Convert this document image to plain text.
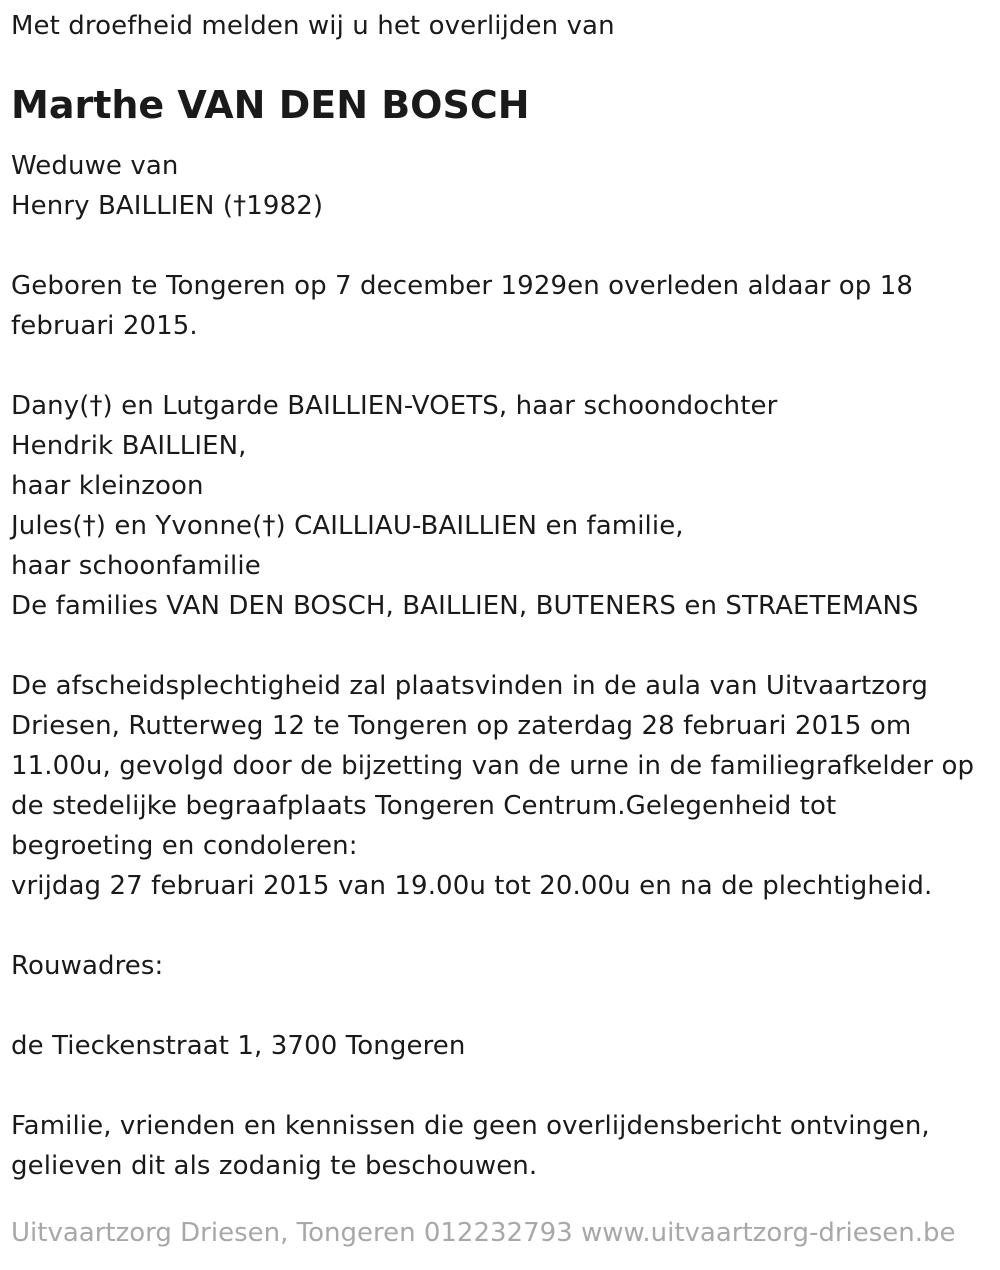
Met droefheid melden wij u het overlijden van
Marthe VAN DEN BOSCH
Weduwe van
Henry BAILLIEN (†1982)
Geboren te Tongeren op 7 december 1929en overleden aldaar op 18
februari 2015.
Dany(†) en Lutgarde BAILLIEN-VOETS, haar schoondochter
Hendrik BAILLIEN,
haar kleinzoon
Jules(†) en Yvonne(†) CAILLIAU-BAILLIEN en familie,
haar schoonfamilie
De families VAN DEN BOSCH, BAILLIEN, BUTENERS en STRAETEMANS
De afscheidsplechtigheid zal plaatsvinden in de aula van Uitvaartzorg
Driesen, Rutterweg 12 te Tongeren op zaterdag 28 februari 2015 om
11.00u, gevolgd door de bijzetting van de urne in de familiegrafkelder op
de stedelijke begraafplaats Tongeren Centrum.Gelegenheid tot
begroeting en condoleren:
vrijdag 27 februari 2015 van 19.00u tot 20.00u en na de plechtigheid.
Rouwadres:
de Tieckenstraat 1, 3700 Tongeren
Familie, vrienden en kennissen die geen overlijdensbericht ontvingen,
gelieven dit als zodanig te beschouwen.
Uitvaartzorg Driesen, Tongeren 012232793 www.uitvaartzorg-driesen.be
